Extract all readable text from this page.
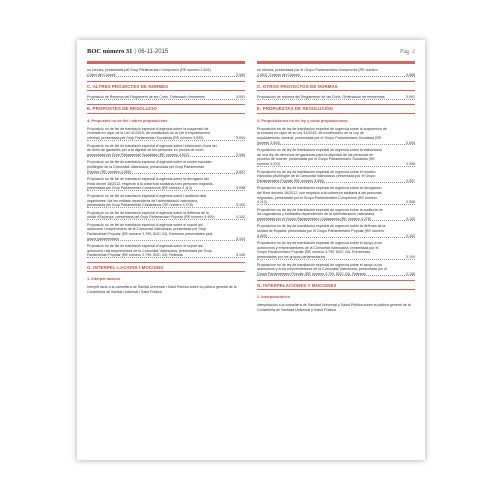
BOC número 31 | 06-11-2015	Pàg. 2
no electes, presentada pel Grup Parlamentari Compromís (RE número 2.491). Criteri del Consell	3.089
C. ALTRES PROJECTES DE NORMES
Proposició de Reforma del Reglament de les Corts. Ordenació d'esmenes	3.091
E. PROPOSTES DE RESOLUCIÓ
4. Propostes no de llei i altres proposicions
Proposició no de llei de tramitació especial d'urgència sobre la suspensió de l'entrada en vigor de la Llei 41/2015, de modificació de la Llei d'enjudiciament criminal, presentada pel Grup Parlamentari Socialista (RE número 3.990)	3.094
Proposició no de llei de tramitació especial d'urgència sobre l'elaboració d'una llei de drets de garanties per a la dignitat de les persones en procés de morir, presentada pel Grup Parlamentari Socialista (RE número 3.922)	3.096
Proposició no de llei de tramitació especial d'urgència sobre el model educatiu plurilingüe de la Comunitat Valenciana, presentada pel Grup Parlamentari Popular (RE número 3.955)	3.097
Proposició no de llei de tramitació especial d'urgència sobre la derogació del Reial decret 16/2012, respecte a la cobertura sanitària a les persones migrants, presentada pel Grup Parlamentari Compromís (RE número 4.113)	3.098
Proposició no de llei de tramitació especial d'urgència sobre l'auditoria dels organismes i de les entitats dependents de l'administració valenciana, presentada pel Grup Parlamentari Ciudadanos (RE número 4.278)	3.100
Proposició no de llei de tramitació especial d'urgència sobre la defensa de la unitat d'Espanya, presentada pel Grup Parlamentari Popular (RE número 4.409)	3.102
Proposició no de llei de tramitació especial d'urgència sobre el suport als autònoms i emprenedors de la Comunitat Valenciana, presentada pel Grup Parlamentari Popular (RE número 3.799, BOC 24). Esmenes presentades pels grups parlamentaris	3.104
Proposició no de llei de tramitació especial d'urgència sobre el suport als autònoms i als emprenedors de la Comunitat Valenciana, presentada pel Grup Parlamentari Popular (RE número 3.799, BOC 24). Retirada	3.106
G. INTERPEL·LACIONS I MOCIONS
1. Interpel·lacions
Interpel·lació a la consellera de Sanitat Universal i Salut Pública sobre la política general de la Conselleria de Sanitat Universal i Salut Pública
no electos, presentada por el Grupo Parlamentario Compromís (RE número 2.491). Criterio del Consell	3.089
C. OTROS PROYECTOS DE NORMAS
Proposición de reforma del Reglamento de las Corts. Ordenación de enmiendas	3.091
E. PROPUESTAS DE RESOLUCIÓN
4. Proposiciones no de ley y otras proposiciones
Proposición no de ley de tramitación especial de urgencia sobre la suspensión de la entrada en vigor de la Ley 41/2015, de modificación de la Ley de enjuiciamiento criminal, presentada por el Grupo Parlamentario Socialista (RE número 3.900)	3.094
Proposición no de ley de tramitación especial de urgencia sobre la elaboración de una ley de derechos de garantías para la dignidad de las personas en proceso de muerte, presentada por el Grupo Parlamentario Socialista (RE número 3.922)	3.096
Proposición no de ley de tramitación especial de urgencia sobre el modelo educativo plurilingüe de la Comunitat Valenciana, presentada por el Grupo Parlamentario Popular (RE número 3.955)	3.097
Proposición no de ley de tramitación especial de urgencia sobre la derogación del Real decreto 16/2012, con respecto a la cobertura sanitaria a las personas migrantes, presentada por el Grupo Parlamentario Compromís (RE número 4.113)	3.098
Proposición no de ley de tramitación especial de urgencia sobre la auditoría de los organismos y entidades dependientes de la administración valenciana, presentada por el Grupo Parlamentario Ciudadanos (RE número 4.278)	3.100
Proposición no de ley de tramitación especial de urgencia sobre la defensa de la unidad de España, presentada por el Grupo Parlamentario Popular (RE número 4.409)	3.102
Proposición no de ley de tramitación especial de urgencia sobre el apoyo a los autónomos y emprendedores de la Comunitat Valenciana, presentada por el Grupo Parlamentario Popular (RE número 3.799, BOC 24). Enmiendas presentadas por los grupos parlamentarios	3.104
Proposición no de ley de tramitación especial de urgencia sobre el apoyo a los autónomos y a los emprendedores de la Comunitat Valenciana, presentada por el Grupo Parlamentario Popular (RE número 3.799, BOC 24). Retirada	3.106
G. INTERPELACIONES Y MOCIONES
1. Interpelaciones
Interpelación a la consellera de Sanidad Universal y Salud Pública sobre la política general de la Conselleria de Sanidad Universal y Salud Pública
